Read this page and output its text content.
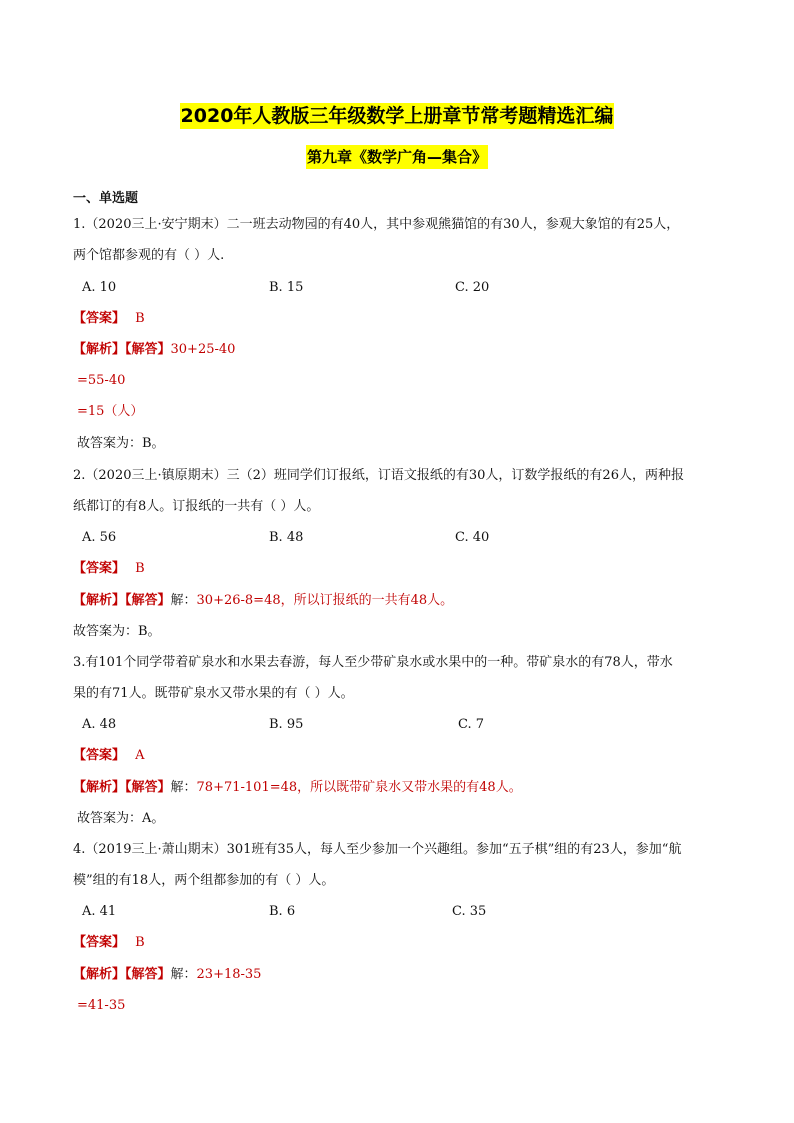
2020年人教版三年级数学上册章节常考题精选汇编
第九章《数学广角—集合》
一、单选题
1.（2020三上·安宁期末）二一班去动物园的有40人，其中参观熊猫馆的有30人，参观大象馆的有25人，
两个馆都参观的有（ ）人.
A. 10	B. 15	C. 20
【答案】 B
【解析】【解答】30+25-40
=55-40
=15（人）
故答案为：B。
2.（2020三上·镇原期末）三（2）班同学们订报纸，订语文报纸的有30人，订数学报纸的有26人，两种报
纸都订的有8人。订报纸的一共有（ ）人。
A. 56	B. 48	C. 40
【答案】 B
【解析】【解答】解：30+26-8=48，所以订报纸的一共有48人。
故答案为：B。
3.有101个同学带着矿泉水和水果去春游，每人至少带矿泉水或水果中的一种。带矿泉水的有78人，带水
果的有71人。既带矿泉水又带水果的有（ ）人。
A. 48	B. 95	C. 7
【答案】 A
【解析】【解答】解：78+71-101=48，所以既带矿泉水又带水果的有48人。
故答案为：A。
4.（2019三上·萧山期末）301班有35人，每人至少参加一个兴趣组。参加“五子棋”组的有23人，参加“航
模”组的有18人，两个组都参加的有（ ）人。
A. 41	B. 6	C. 35
【答案】 B
【解析】【解答】解：23+18-35
=41-35
